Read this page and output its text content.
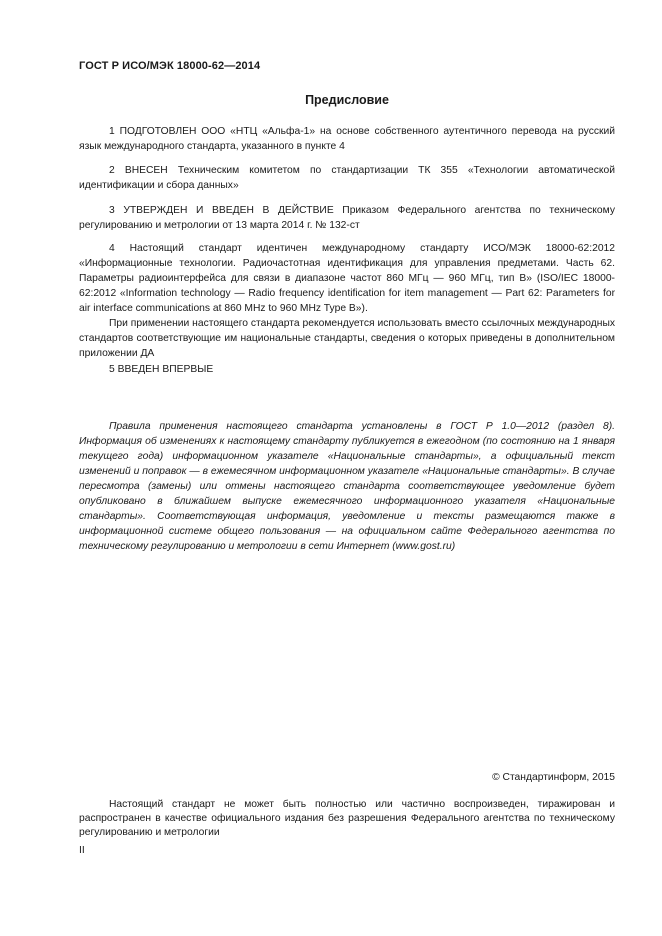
ГОСТ Р ИСО/МЭК 18000-62—2014
Предисловие

1 ПОДГОТОВЛЕН ООО «НТЦ «Альфа-1» на основе собственного аутентичного перевода на русский язык международного стандарта, указанного в пункте 4

2 ВНЕСЕН Техническим комитетом по стандартизации ТК 355 «Технологии автоматической идентификации и сбора данных»

3 УТВЕРЖДЕН И ВВЕДЕН В ДЕЙСТВИЕ Приказом Федерального агентства по техническому регулированию и метрологии от 13 марта 2014 г. № 132-ст

4 Настоящий стандарт идентичен международному стандарту ИСО/МЭК 18000-62:2012 «Информационные технологии. Радиочастотная идентификация для управления предметами. Часть 62. Параметры радиоинтерфейса для связи в диапазоне частот 860 МГц — 960 МГц, тип В» (ISO/IEC 18000-62:2012 «Information technology — Radio frequency identification for item management — Part 62: Parameters for air interface communications at 860 MHz to 960 MHz Type B»).

При применении настоящего стандарта рекомендуется использовать вместо ссылочных международных стандартов соответствующие им национальные стандарты, сведения о которых приведены в дополнительном приложении ДА

5 ВВЕДЕН ВПЕРВЫЕ

Правила применения настоящего стандарта установлены в ГОСТ Р 1.0—2012 (раздел 8). Информация об изменениях к настоящему стандарту публикуется в ежегодном (по состоянию на 1 января текущего года) информационном указателе «Национальные стандарты», а официальный текст изменений и поправок — в ежемесячном информационном указателе «Национальные стандарты». В случае пересмотра (замены) или отмены настоящего стандарта соответствующее уведомление будет опубликовано в ближайшем выпуске ежемесячного информационного указателя «Национальные стандарты». Соответствующая информация, уведомление и тексты размещаются также в информационной системе общего пользования — на официальном сайте Федерального агентства по техническому регулированию и метрологии в сети Интернет (www.gost.ru)

© Стандартинформ, 2015

Настоящий стандарт не может быть полностью или частично воспроизведен, тиражирован и распространен в качестве официального издания без разрешения Федерального агентства по техническому регулированию и метрологии

II
